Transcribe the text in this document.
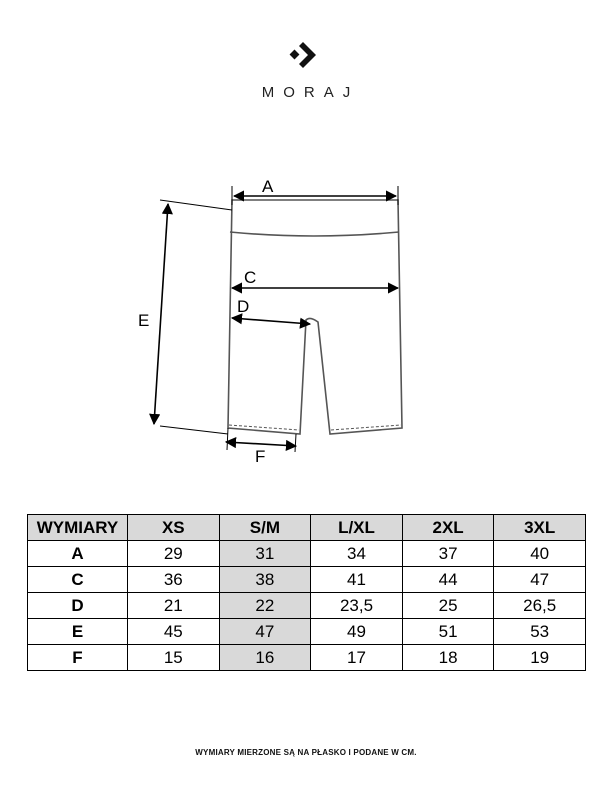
MORAJ
A
C
D
E
F
WYMIARY	XS	S/M	L/XL	2XL	3XL
A	29	31	34	37	40
C	36	38	41	44	47
D	21	22	23,5	25	26,5
E	45	47	49	51	53
F	15	16	17	18	19
WYMIARY MIERZONE SĄ NA PŁASKO I PODANE W CM.
